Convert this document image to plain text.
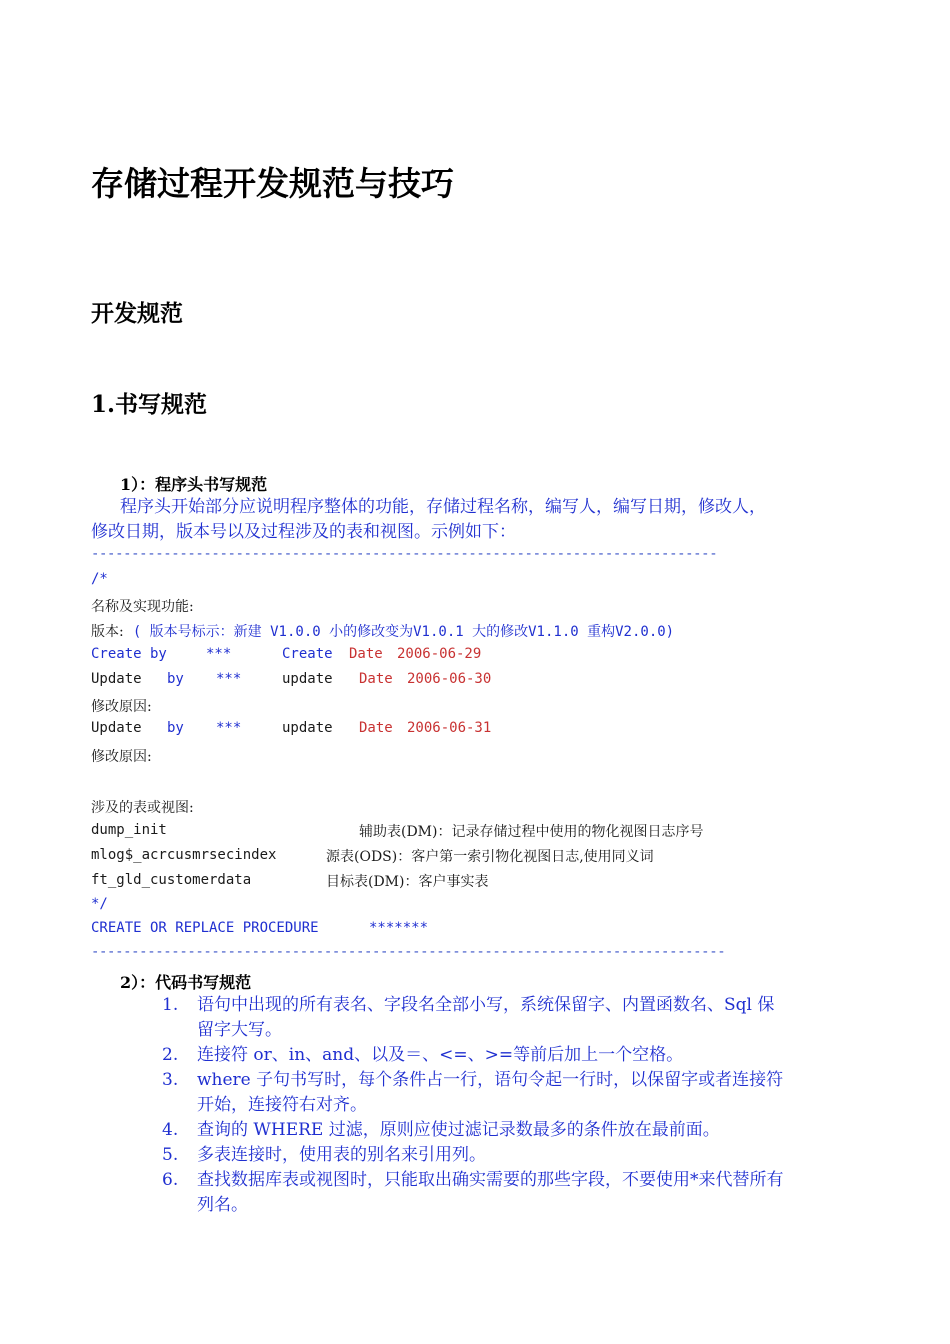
存储过程开发规范与技巧
开发规范
1.书写规范
1）：程序头书写规范
程序头开始部分应说明程序整体的功能，存储过程名称，编写人，编写日期，修改人，
修改日期，版本号以及过程涉及的表和视图。示例如下：
------------------------------------------------------------------------------
/*
名称及实现功能:
版本: ( 版本号标示：新建 V1.0.0 小的修改变为V1.0.1 大的修改V1.1.0 重构V2.0.0)
Create by	***	Create Date 2006-06-29
Update by ***	update Date 2006-06-30
修改原因:
Update by ***	update Date 2006-06-31
修改原因:
涉及的表或视图:
dump_init	辅助表(DM)：记录存储过程中使用的物化视图日志序号
mlog$_acrcusmrsecindex	源表(ODS)：客户第一索引物化视图日志,使用同义词
ft_gld_customerdata	目标表(DM)：客户事实表
*/
CREATE OR REPLACE PROCEDURE	*******
-------------------------------------------------------------------------------
2）：代码书写规范
1. 语句中出现的所有表名、字段名全部小写，系统保留字、内置函数名、Sql 保
留字大写。
2. 连接符 or、in、and、以及＝、<=、>=等前后加上一个空格。
3. where 子句书写时，每个条件占一行，语句令起一行时，以保留字或者连接符
开始，连接符右对齐。
4. 查询的 WHERE 过滤，原则应使过滤记录数最多的条件放在最前面。
5. 多表连接时，使用表的别名来引用列。
6. 查找数据库表或视图时，只能取出确实需要的那些字段，不要使用*来代替所有
列名。
